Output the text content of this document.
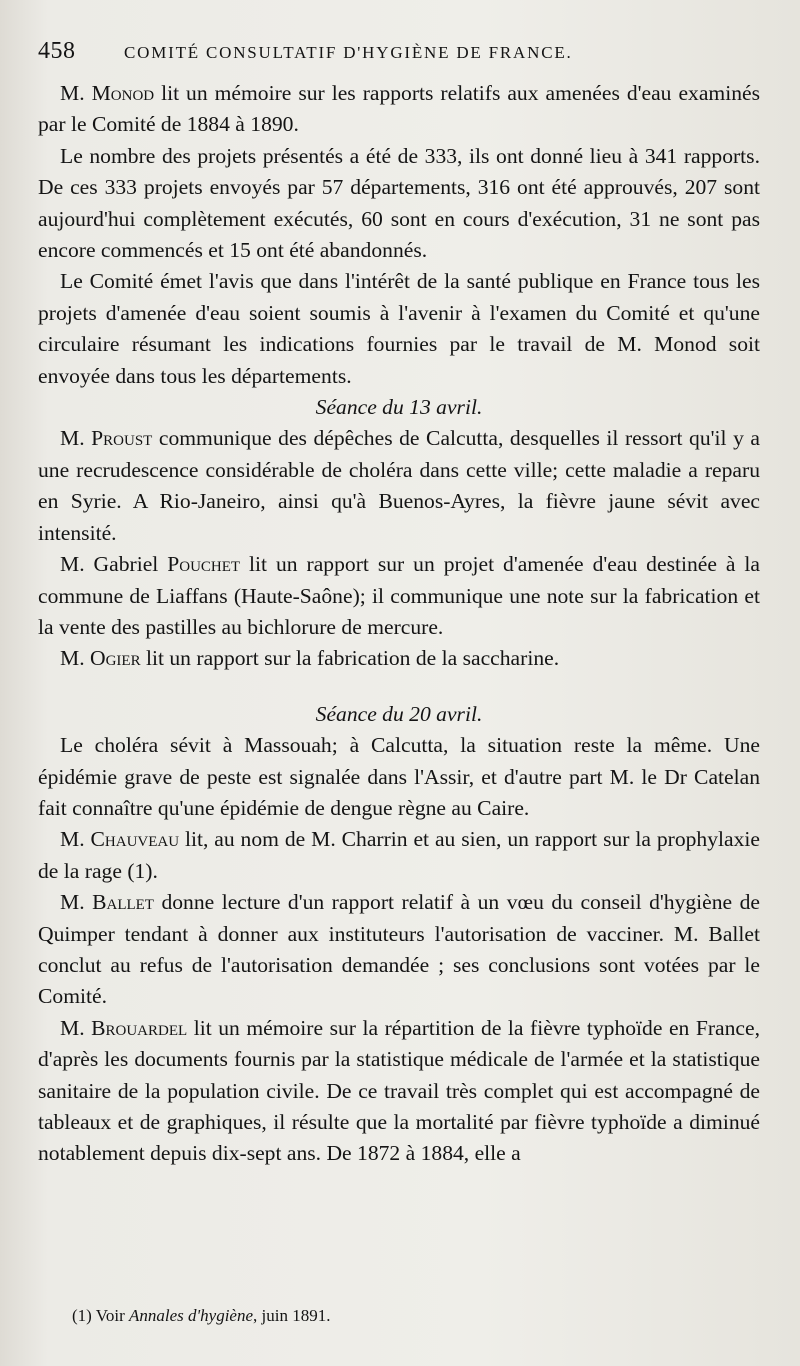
458	COMITÉ CONSULTATIF D'HYGIÈNE DE FRANCE.

M. Monod lit un mémoire sur les rapports relatifs aux amenées d'eau examinés par le Comité de 1884 à 1890.

Le nombre des projets présentés a été de 333, ils ont donné lieu à 341 rapports. De ces 333 projets envoyés par 57 départements, 316 ont été approuvés, 207 sont aujourd'hui complètement exécutés, 60 sont en cours d'exécution, 31 ne sont pas encore commencés et 15 ont été abandonnés.

Le Comité émet l'avis que dans l'intérêt de la santé publique en France tous les projets d'amenée d'eau soient soumis à l'avenir à l'examen du Comité et qu'une circulaire résumant les indications fournies par le travail de M. Monod soit envoyée dans tous les départements.

Séance du 13 avril.

M. Proust communique des dépêches de Calcutta, desquelles il ressort qu'il y a une recrudescence considérable de choléra dans cette ville; cette maladie a reparu en Syrie. A Rio-Janeiro, ainsi qu'à Buenos-Ayres, la fièvre jaune sévit avec intensité.

M. Gabriel Pouchet lit un rapport sur un projet d'amenée d'eau destinée à la commune de Liaffans (Haute-Saône); il communique une note sur la fabrication et la vente des pastilles au bichlorure de mercure.

M. Ogier lit un rapport sur la fabrication de la saccharine.

Séance du 20 avril.

Le choléra sévit à Massouah; à Calcutta, la situation reste la même. Une épidémie grave de peste est signalée dans l'Assir, et d'autre part M. le Dr Catelan fait connaître qu'une épidémie de dengue règne au Caire.

M. Chauveau lit, au nom de M. Charrin et au sien, un rapport sur la prophylaxie de la rage (1).

M. Ballet donne lecture d'un rapport relatif à un vœu du conseil d'hygiène de Quimper tendant à donner aux instituteurs l'autorisation de vacciner. M. Ballet conclut au refus de l'autorisation demandée ; ses conclusions sont votées par le Comité.

M. Brouardel lit un mémoire sur la répartition de la fièvre typhoïde en France, d'après les documents fournis par la statistique médicale de l'armée et la statistique sanitaire de la population civile. De ce travail très complet qui est accompagné de tableaux et de graphiques, il résulte que la mortalité par fièvre typhoïde a diminué notablement depuis dix-sept ans. De 1872 à 1884, elle a

(1) Voir Annales d'hygiène, juin 1891.
